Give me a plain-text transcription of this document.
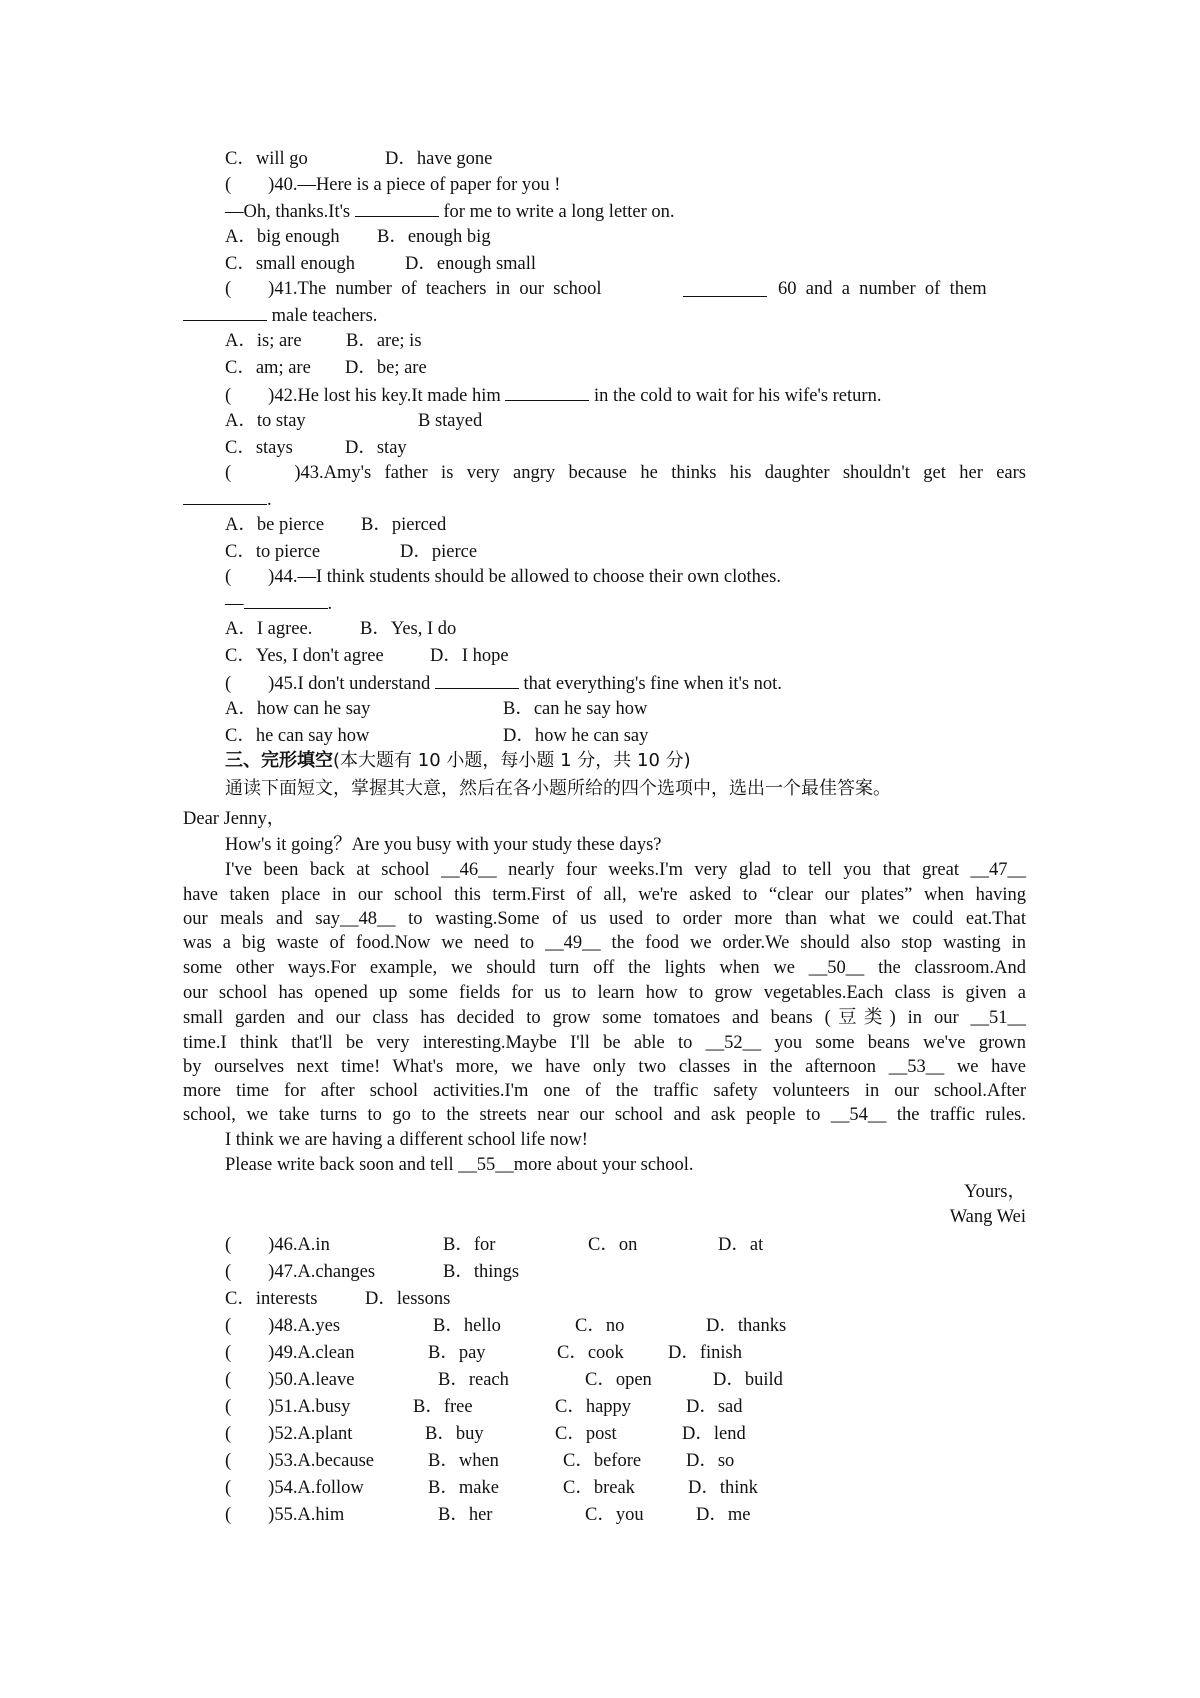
C．will go	D．have gone
(　　)40.—Here is a piece of paper for you !
—Oh, thanks.It's	for me to write a long letter on.
A．big enough B．enough big
C．small enough	D．enough small
(　　)41.The  number  of  teachers  in  our  school	60  and  a  number  of  them
male teachers.
A．is; are B．are; is
C．am; are D．be; are
(　　)42.He lost his key.It made him	in the cold to wait for his wife's return.
A．to stay	B stayed
C．stays	D．stay
(　　)43.Amy's father is very angry because he thinks his daughter shouldn't get her ears
.
A．be pierce B．pierced
C．to pierce	D．pierce
(　　)44.—I think students should be allowed to choose their own clothes.
—	.
A．I agree.	B．Yes, I do
C．Yes, I don't agree	D．I hope
(　　)45.I don't understand	that everything's fine when it's not.
A．how can he say	B．can he say how
C．he can say how	D．how he can say
三、完形填空(本大题有 10 小题，每小题 1 分，共 10 分)
通读下面短文，掌握其大意，然后在各小题所给的四个选项中，选出一个最佳答案。
Dear Jenny，
How's it going？Are you busy with your study these days?
I've been back at school __46__ nearly four weeks.I'm very glad to tell you that great __47__
have taken place in our school this term.First of all, we're asked to “clear our plates” when having
our meals and say__48__ to wasting.Some of us used to order more than what we could eat.That
was a big waste of food.Now we need to __49__ the food we order.We should also stop wasting in
some other ways.For example, we should turn off the lights when we __50__ the classroom.And
our school has opened up some fields for us to learn how to grow vegetables.Each class is given a
small garden and our class has decided to grow some tomatoes and beans (豆类) in our __51__
time.I think that'll be very interesting.Maybe I'll be able to __52__ you some beans we've grown
by ourselves next time! What's more, we have only two classes in the afternoon __53__ we have
more time for after school activities.I'm one of the traffic safety volunteers in our school.After
school, we take turns to go to the streets near our school and ask people to __54__ the traffic rules.
I think we are having a different school life now!
Please write back soon and tell __55__more about your school.
Yours，
Wang Wei
(　　)46.A.in	B．for	C．on	D．at
(　　)47.A.changes	B．things
C．interests	D．lessons
(　　)48.A.yes	B．hello	C．no	D．thanks
(　　)49.A.clean	B．pay	C．cook D．finish
(　　)50.A.leave	B．reach	C．open	D．build
(　　)51.A.busy	B．free	C．happy	D．sad
(　　)52.A.plant	B．buy	C．post	D．lend
(　　)53.A.because	B．when	C．before D．so
(　　)54.A.follow	B．make	C．break	D．think
(　　)55.A.him	B．her	C．you	D．me
